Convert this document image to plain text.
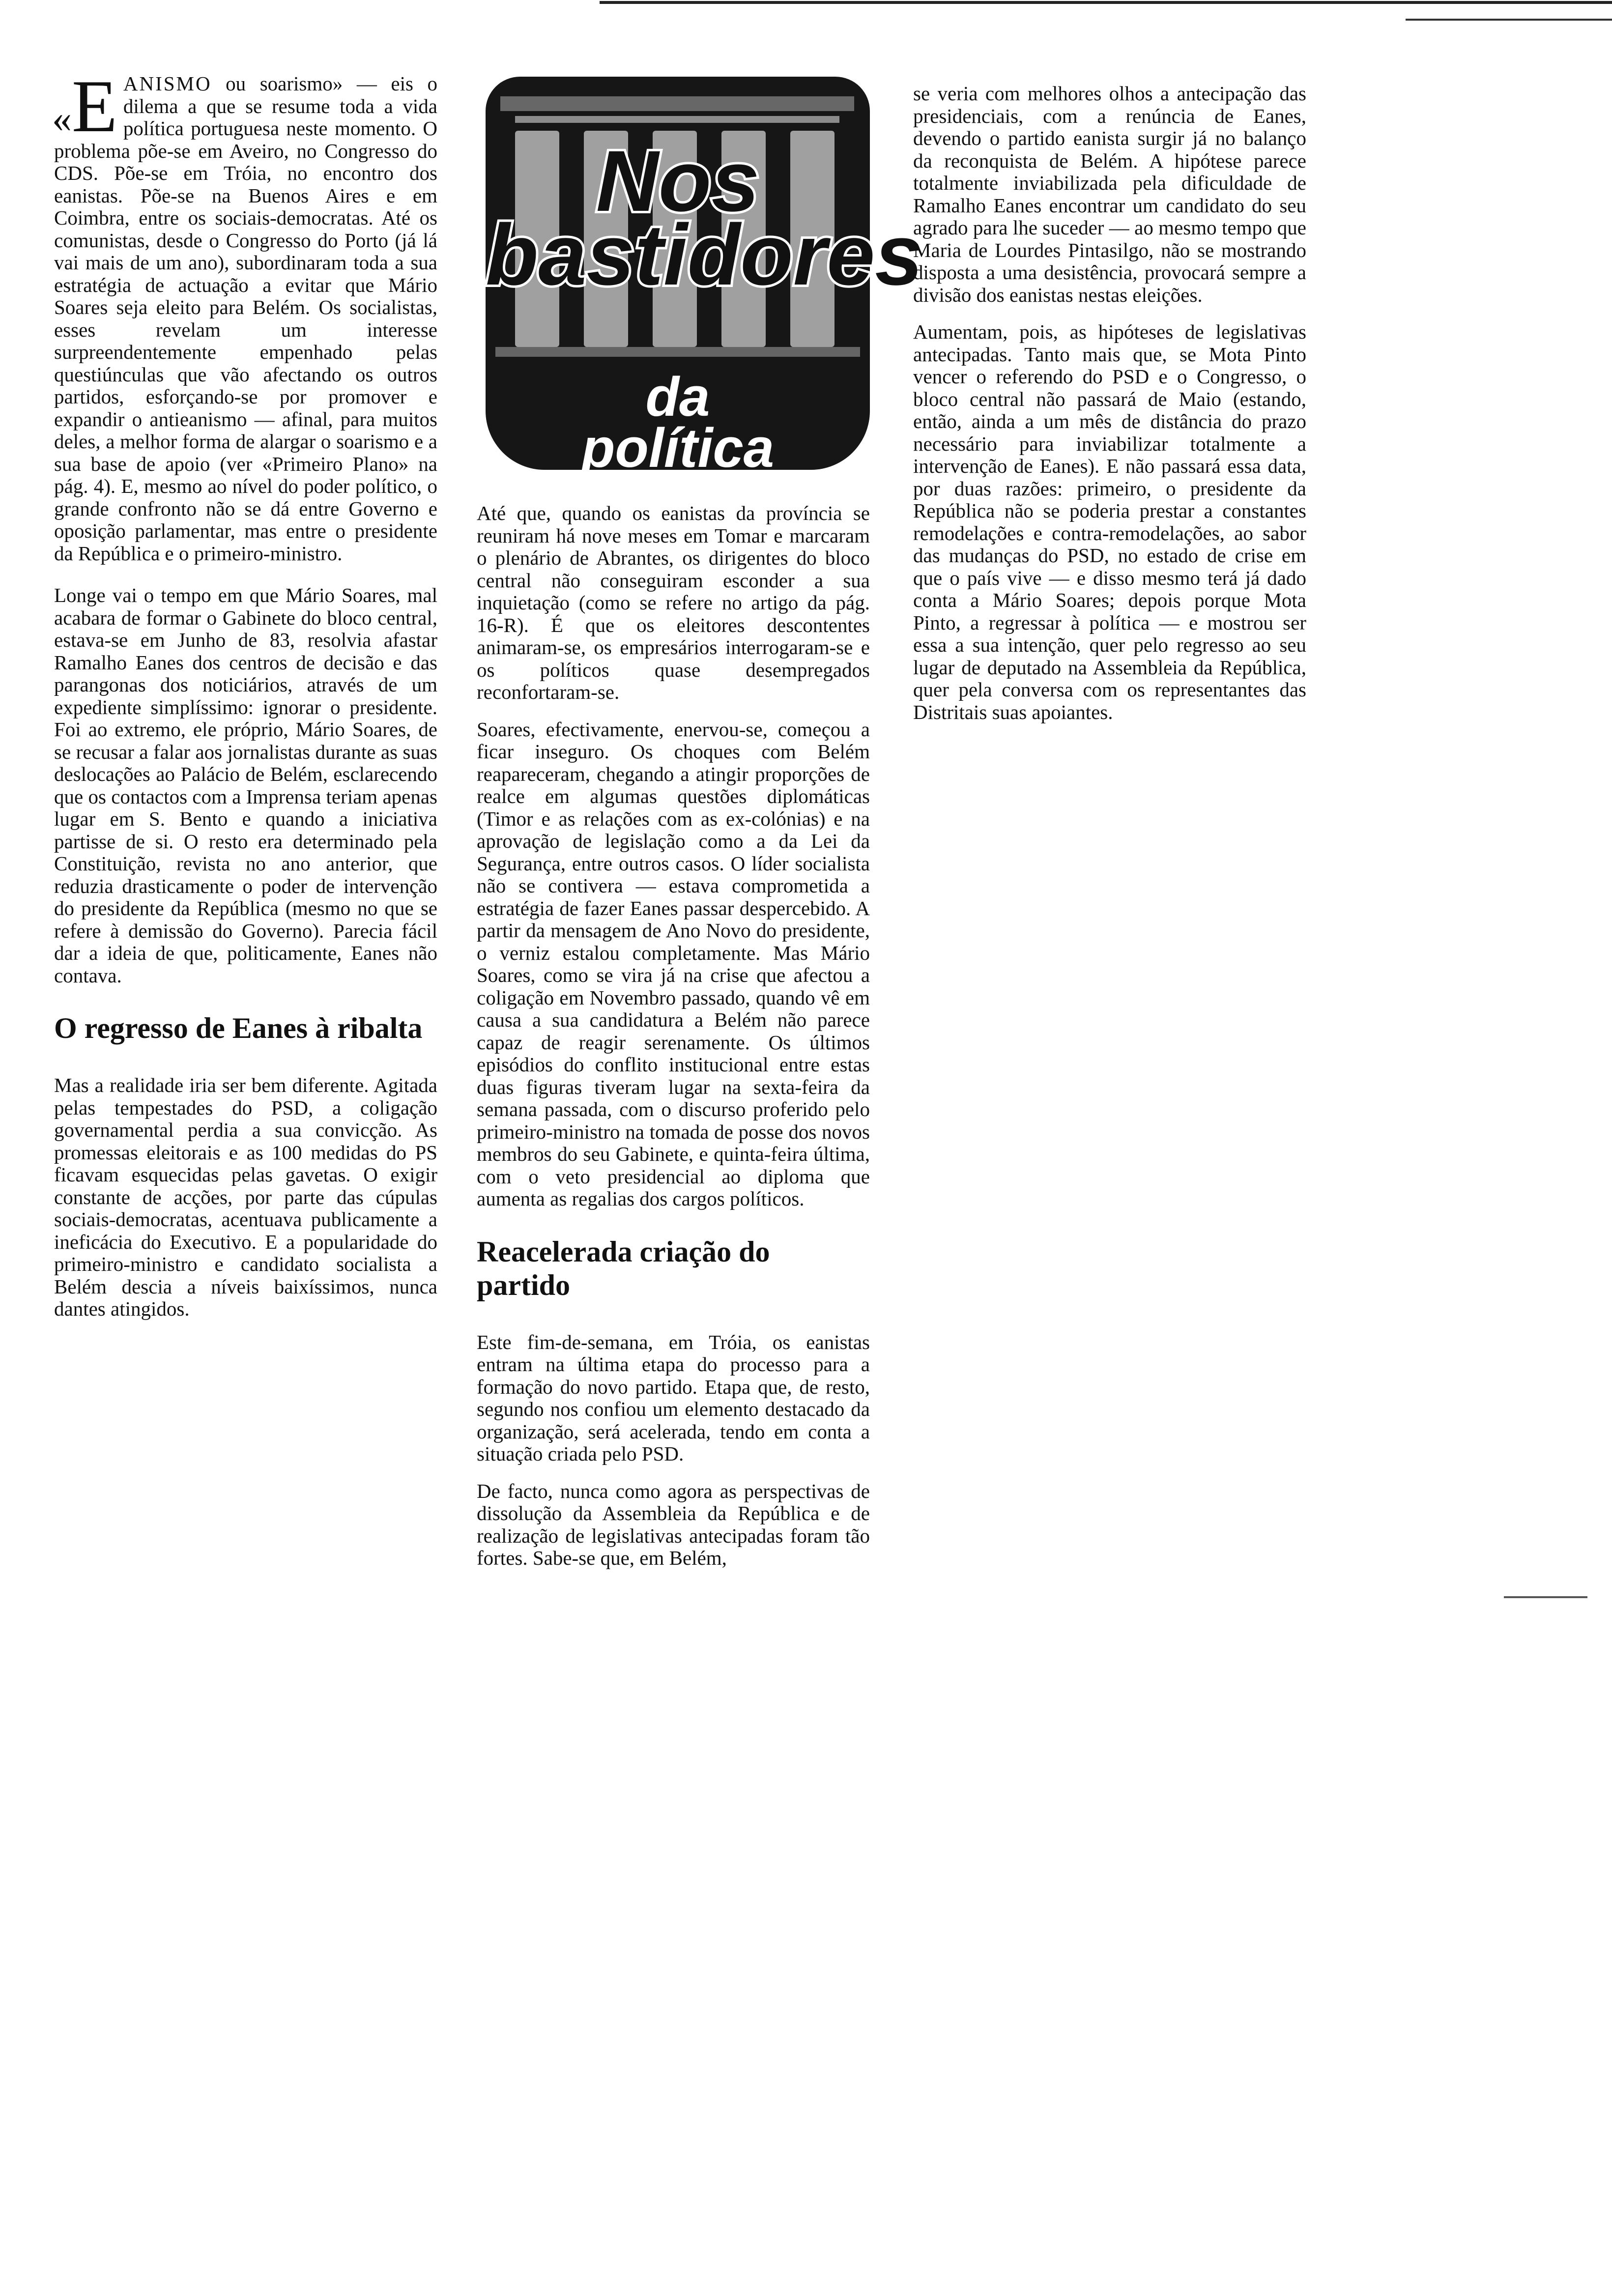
Nos
bastidores
da
política

«E ANISMO ou soarismo» — eis o dilema a que se resume toda a vida política portuguesa neste momento. O problema põe-se em Aveiro, no Congresso do CDS. Põe-se em Tróia, no encontro dos eanistas. Põe-se na Buenos Aires e em Coimbra, entre os sociais-democratas. Até os comunistas, desde o Congresso do Porto (já lá vai mais de um ano), subordinaram toda a sua estratégia de actuação a evitar que Mário Soares seja eleito para Belém. Os socialistas, esses revelam um interesse surpreendentemente empenhado pelas questiúnculas que vão afectando os outros partidos, esforçando-se por promover e expandir o antieanismo — afinal, para muitos deles, a melhor forma de alargar o soarismo e a sua base de apoio (ver «Primeiro Plano» na pág. 4). E, mesmo ao nível do poder político, o grande confronto não se dá entre Governo e oposição parlamentar, mas entre o presidente da República e o primeiro-ministro.

Longe vai o tempo em que Mário Soares, mal acabara de formar o Gabinete do bloco central, estava-se em Junho de 83, resolvia afastar Ramalho Eanes dos centros de decisão e das parangonas dos noticiários, através de um expediente simplíssimo: ignorar o presidente. Foi ao extremo, ele próprio, Mário Soares, de se recusar a falar aos jornalistas durante as suas deslocações ao Palácio de Belém, esclarecendo que os contactos com a Imprensa teriam apenas lugar em S. Bento e quando a iniciativa partisse de si. O resto era determinado pela Constituição, revista no ano anterior, que reduzia drasticamente o poder de intervenção do presidente da República (mesmo no que se refere à demissão do Governo). Parecia fácil dar a ideia de que, politicamente, Eanes não contava.

O regresso de Eanes à ribalta

Mas a realidade iria ser bem diferente. Agitada pelas tempestades do PSD, a coligação governamental perdia a sua convicção. As promessas eleitorais e as 100 medidas do PS ficavam esquecidas pelas gavetas. O exigir constante de acções, por parte das cúpulas sociais-democratas, acentuava publicamente a ineficácia do Executivo. E a popularidade do primeiro-ministro e candidato socialista a Belém descia a níveis baixíssimos, nunca dantes atingidos.

Até que, quando os eanistas da província se reuniram há nove meses em Tomar e marcaram o plenário de Abrantes, os dirigentes do bloco central não conseguiram esconder a sua inquietação (como se refere no artigo da pág. 16-R). É que os eleitores descontentes animaram-se, os empresários interrogaram-se e os políticos quase desempregados reconfortaram-se.

Soares, efectivamente, enervou-se, começou a ficar inseguro. Os choques com Belém reapareceram, chegando a atingir proporções de realce em algumas questões diplomáticas (Timor e as relações com as ex-colónias) e na aprovação de legislação como a da Lei da Segurança, entre outros casos. O líder socialista não se contivera — estava comprometida a estratégia de fazer Eanes passar despercebido. A partir da mensagem de Ano Novo do presidente, o verniz estalou completamente. Mas Mário Soares, como se vira já na crise que afectou a coligação em Novembro passado, quando vê em causa a sua candidatura a Belém não parece capaz de reagir serenamente. Os últimos episódios do conflito institucional entre estas duas figuras tiveram lugar na sexta-feira da semana passada, com o discurso proferido pelo primeiro-ministro na tomada de posse dos novos membros do seu Gabinete, e quinta-feira última, com o veto presidencial ao diploma que aumenta as regalias dos cargos políticos.

Reacelerada criação do partido

Este fim-de-semana, em Tróia, os eanistas entram na última etapa do processo para a formação do novo partido. Etapa que, de resto, segundo nos confiou um elemento destacado da organização, será acelerada, tendo em conta a situação criada pelo PSD.

De facto, nunca como agora as perspectivas de dissolução da Assembleia da República e de realização de legislativas antecipadas foram tão fortes. Sabe-se que, em Belém,

se veria com melhores olhos a antecipação das presidenciais, com a renúncia de Eanes, devendo o partido eanista surgir já no balanço da reconquista de Belém. A hipótese parece totalmente inviabilizada pela dificuldade de Ramalho Eanes encontrar um candidato do seu agrado para lhe suceder — ao mesmo tempo que Maria de Lourdes Pintasilgo, não se mostrando disposta a uma desistência, provocará sempre a divisão dos eanistas nestas eleições.

Aumentam, pois, as hipóteses de legislativas antecipadas. Tanto mais que, se Mota Pinto vencer o referendo do PSD e o Congresso, o bloco central não passará de Maio (estando, então, ainda a um mês de distância do prazo necessário para inviabilizar totalmente a intervenção de Eanes). E não passará essa data, por duas razões: primeiro, o presidente da República não se poderia prestar a constantes remodelações e contra-remodelações, ao sabor das mudanças do PSD, no estado de crise em que o país vive — e disso mesmo terá já dado conta a Mário Soares; depois porque Mota Pinto, a regressar à política — e mostrou ser essa a sua intenção, quer pelo regresso ao seu lugar de deputado na Assembleia da República, quer pela conversa com os representantes das Distritais suas apoiantes.
